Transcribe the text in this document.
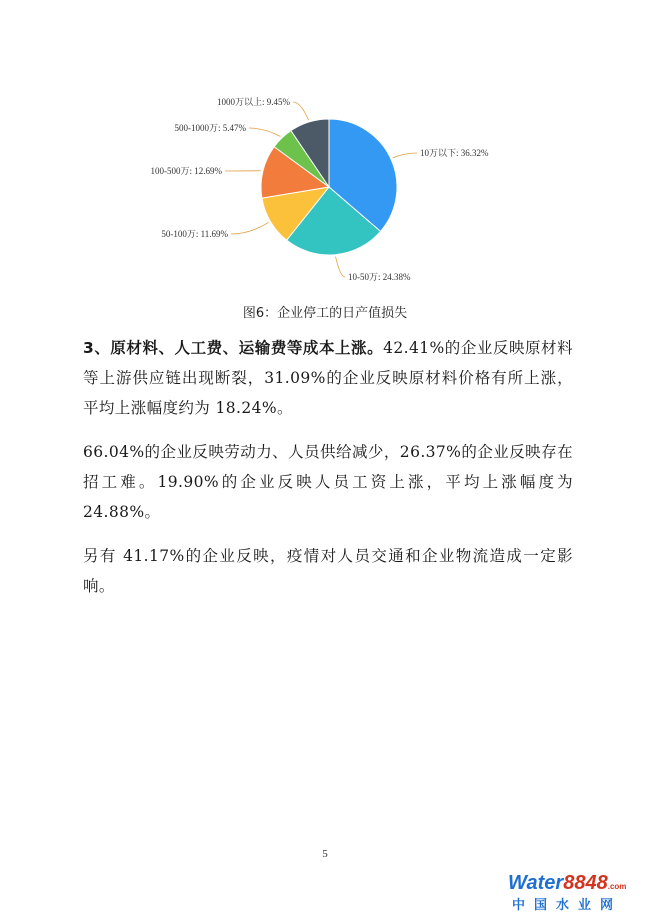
10万以下: 36.32%
10-50万: 24.38%
50-100万: 11.69%
100-500万: 12.69%
500-1000万: 5.47%
1000万以上: 9.45%
图6：企业停工的日产值损失

3、原材料、人工费、运输费等成本上涨。42.41%的企业反映原材料等上游供应链出现断裂，31.09%的企业反映原材料价格有所上涨，平均上涨幅度约为 18.24%。

66.04%的企业反映劳动力、人员供给减少，26.37%的企业反映存在招工难。19.90%的企业反映人员工资上涨，平均上涨幅度为 24.88%。

另有 41.17%的企业反映，疫情对人员交通和企业物流造成一定影响。

5
Water8848.com
中国水业网
